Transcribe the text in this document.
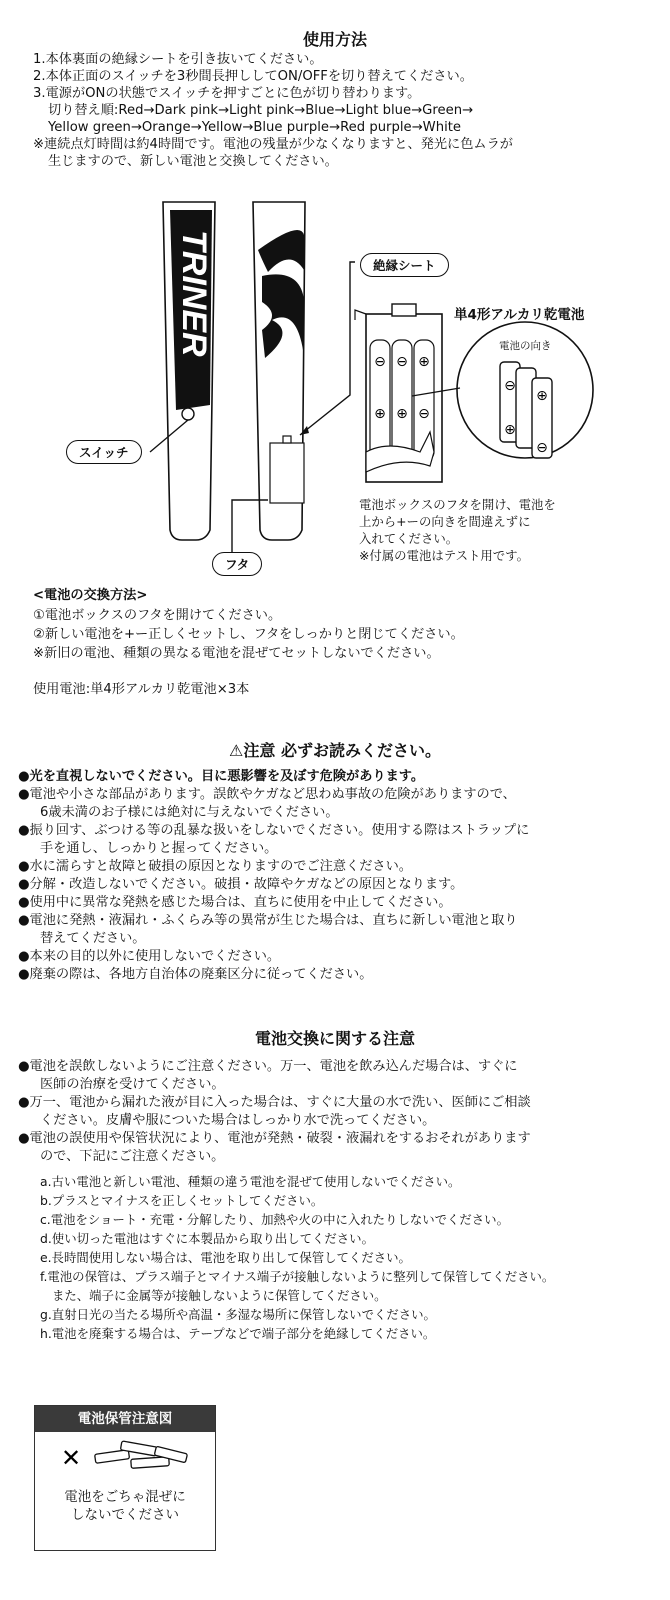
使用方法
1.本体裏面の絶縁シートを引き抜いてください。
2.本体正面のスイッチを3秒間長押ししてON/OFFを切り替えてください。
3.電源がONの状態でスイッチを押すごとに色が切り替わります。
切り替え順:Red→Dark pink→Light pink→Blue→Light blue→Green→
Yellow green→Orange→Yellow→Blue purple→Red purple→White
※連続点灯時間は約4時間です。電池の残量が少なくなりますと、発光に色ムラが
生じますので、新しい電池と交換してください。
TRINER
⊖ ⊖ ⊕
⊕ ⊕ ⊖
⊖
⊕
⊕
⊖
スイッチ
フタ
絶縁シート
単4形アルカリ乾電池
電池の向き
電池ボックスのフタを開け、電池を
上から+ーの向きを間違えずに
入れてください。
※付属の電池はテスト用です。
<電池の交換方法>
①電池ボックスのフタを開けてください。
②新しい電池を+ー正しくセットし、フタをしっかりと閉じてください。
※新旧の電池、種類の異なる電池を混ぜてセットしないでください。
使用電池:単4形アルカリ乾電池×3本
⚠注意 必ずお読みください。
●光を直視しないでください。目に悪影響を及ぼす危険があります。
●電池や小さな部品があります。誤飲やケガなど思わぬ事故の危険がありますので、
6歳未満のお子様には絶対に与えないでください。
●振り回す、ぶつける等の乱暴な扱いをしないでください。使用する際はストラップに
手を通し、しっかりと握ってください。
●水に濡らすと故障と破損の原因となりますのでご注意ください。
●分解・改造しないでください。破損・故障やケガなどの原因となります。
●使用中に異常な発熱を感じた場合は、直ちに使用を中止してください。
●電池に発熱・液漏れ・ふくらみ等の異常が生じた場合は、直ちに新しい電池と取り
替えてください。
●本来の目的以外に使用しないでください。
●廃棄の際は、各地方自治体の廃棄区分に従ってください。
電池交換に関する注意
●電池を誤飲しないようにご注意ください。万一、電池を飲み込んだ場合は、すぐに
医師の治療を受けてください。
●万一、電池から漏れた液が目に入った場合は、すぐに大量の水で洗い、医師にご相談
ください。皮膚や服についた場合はしっかり水で洗ってください。
●電池の誤使用や保管状況により、電池が発熱・破裂・液漏れをするおそれがあります
ので、下記にご注意ください。
a.古い電池と新しい電池、種類の違う電池を混ぜて使用しないでください。
b.プラスとマイナスを正しくセットしてください。
c.電池をショート・充電・分解したり、加熱や火の中に入れたりしないでください。
d.使い切った電池はすぐに本製品から取り出してください。
e.長時間使用しない場合は、電池を取り出して保管してください。
f.電池の保管は、プラス端子とマイナス端子が接触しないように整列して保管してください。
また、端子に金属等が接触しないように保管してください。
g.直射日光の当たる場所や高温・多湿な場所に保管しないでください。
h.電池を廃棄する場合は、テープなどで端子部分を絶縁してください。
電池保管注意図
✕
電池をごちゃ混ぜに
しないでください
